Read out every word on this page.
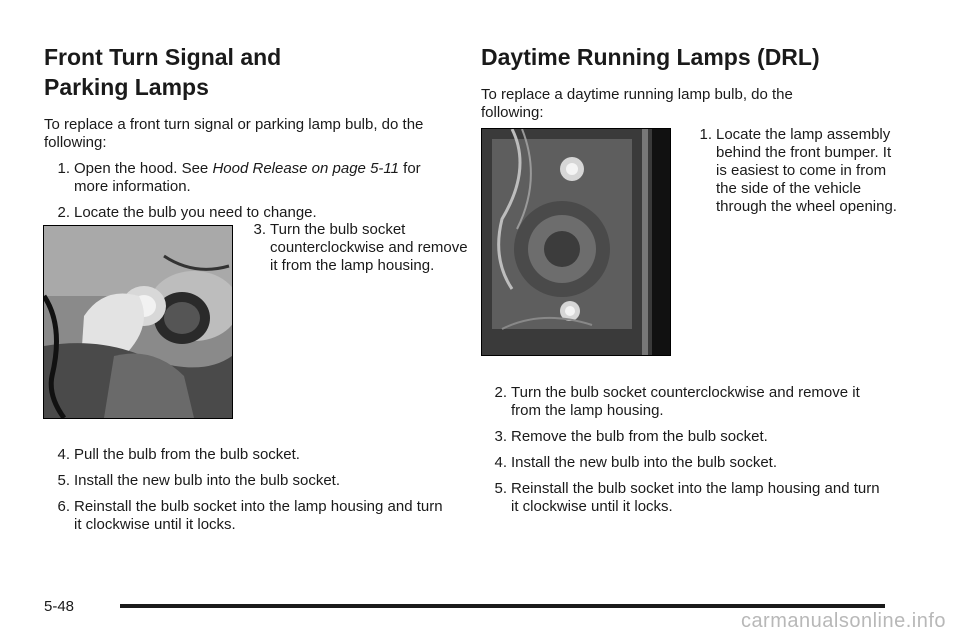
Front Turn Signal and
Parking Lamps

To replace a front turn signal or parking lamp bulb, do the following:

1. Open the hood. See Hood Release on page 5-11 for more information.
2. Locate the bulb you need to change.
3. Turn the bulb socket counterclockwise and remove it from the lamp housing.
4. Pull the bulb from the bulb socket.
5. Install the new bulb into the bulb socket.
6. Reinstall the bulb socket into the lamp housing and turn it clockwise until it locks.
Daytime Running Lamps (DRL)

To replace a daytime running lamp bulb, do the following:

1. Locate the lamp assembly behind the front bumper. It is easiest to come in from the side of the vehicle through the wheel opening.
2. Turn the bulb socket counterclockwise and remove it from the lamp housing.
3. Remove the bulb from the bulb socket.
4. Install the new bulb into the bulb socket.
5. Reinstall the bulb socket into the lamp housing and turn it clockwise until it locks.
5-48
carmanualsonline.info
